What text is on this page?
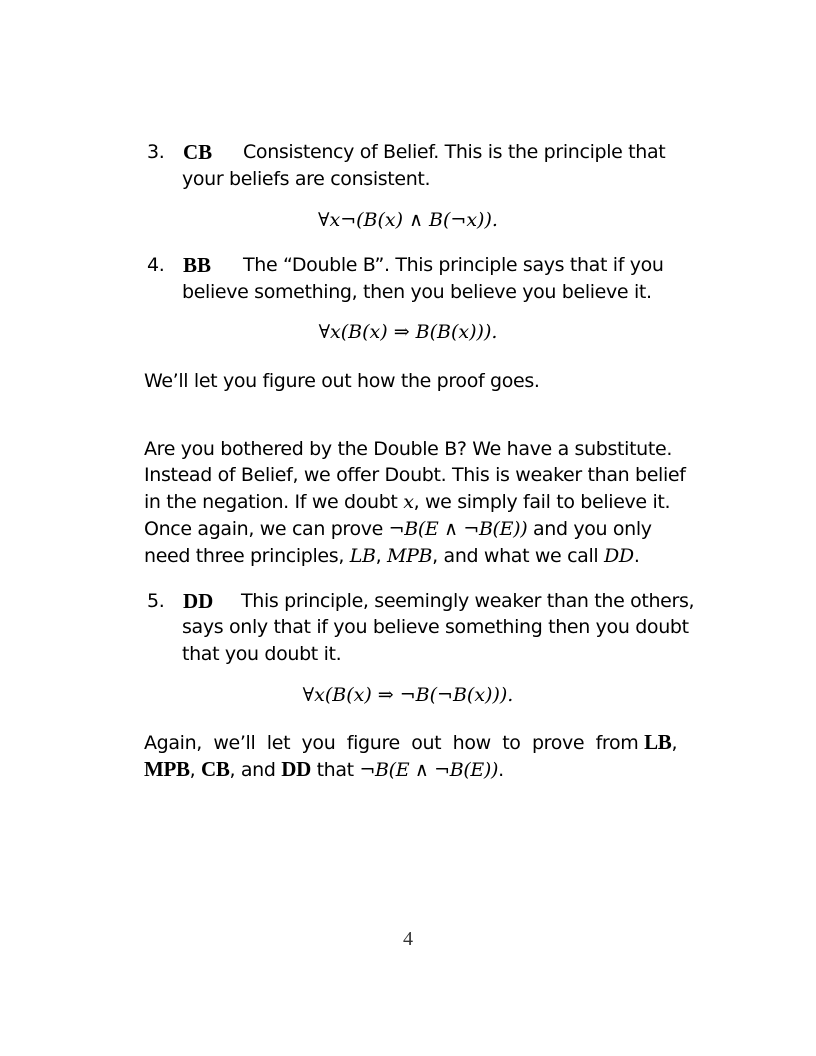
3. CB Consistency of Belief. This is the principle that
your beliefs are consistent.
∀x¬(B(x) ∧ B(¬x)).
4. BB The “Double B”. This principle says that if you
believe something, then you believe you believe it.
∀x(B(x) ⇒ B(B(x))).
We’ll let you figure out how the proof goes.
Are you bothered by the Double B? We have a substitute.
Instead of Belief, we offer Doubt. This is weaker than belief
in the negation. If we doubt x, we simply fail to believe it.
Once again, we can prove ¬B(E ∧ ¬B(E)) and you only
need three principles, LB, MPB, and what we call DD.
5. DD This principle, seemingly weaker than the others,
says only that if you believe something then you doubt
that you doubt it.
∀x(B(x) ⇒ ¬B(¬B(x))).
Again,  we’ll  let  you  figure  out  how  to  prove  from LB,
MPB, CB, and DD that ¬B(E ∧ ¬B(E)).
4
